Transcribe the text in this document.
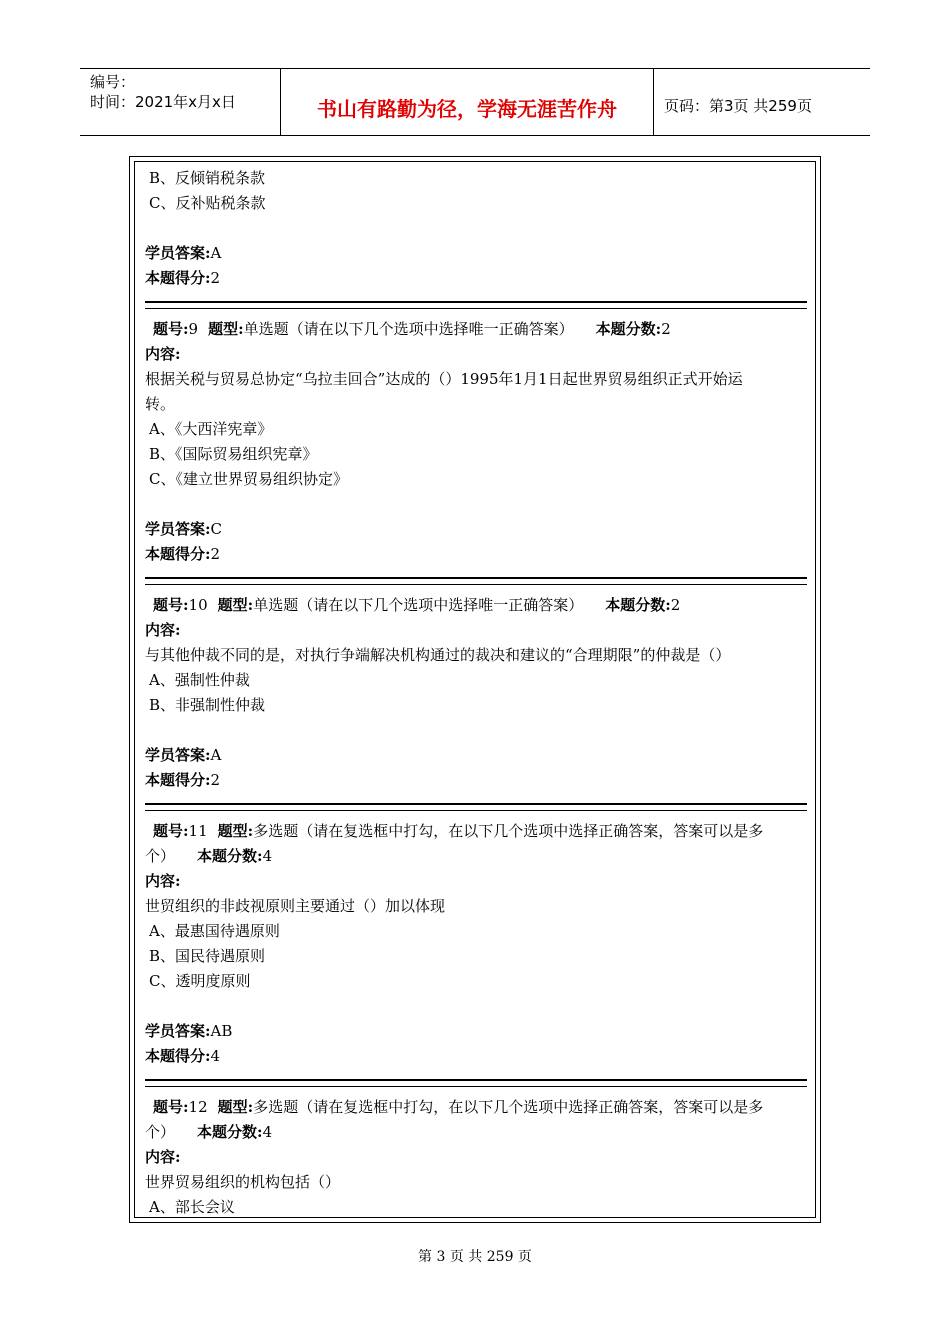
编号：
时间：2021年x月x日	书山有路勤为径，学海无涯苦作舟	页码：第3页 共259页
B、反倾销税条款
C、反补贴税条款
学员答案:A
本题得分:2
题号:9 题型:单选题（请在以下几个选项中选择唯一正确答案） 本题分数:2
内容:
根据关税与贸易总协定“乌拉圭回合”达成的（）1995年1月1日起世界贸易组织正式开始运
转。
A、《大西洋宪章》
B、《国际贸易组织宪章》
C、《建立世界贸易组织协定》
学员答案:C
本题得分:2
题号:10 题型:单选题（请在以下几个选项中选择唯一正确答案） 本题分数:2
内容:
与其他仲裁不同的是，对执行争端解决机构通过的裁决和建议的“合理期限”的仲裁是（）
A、强制性仲裁
B、非强制性仲裁
学员答案:A
本题得分:2
题号:11 题型:多选题（请在复选框中打勾，在以下几个选项中选择正确答案，答案可以是多
个） 本题分数:4
内容:
世贸组织的非歧视原则主要通过（）加以体现
A、最惠国待遇原则
B、国民待遇原则
C、透明度原则
学员答案:AB
本题得分:4
题号:12 题型:多选题（请在复选框中打勾，在以下几个选项中选择正确答案，答案可以是多
个） 本题分数:4
内容:
世界贸易组织的机构包括（）
A、部长会议
第 3 页 共 259 页
